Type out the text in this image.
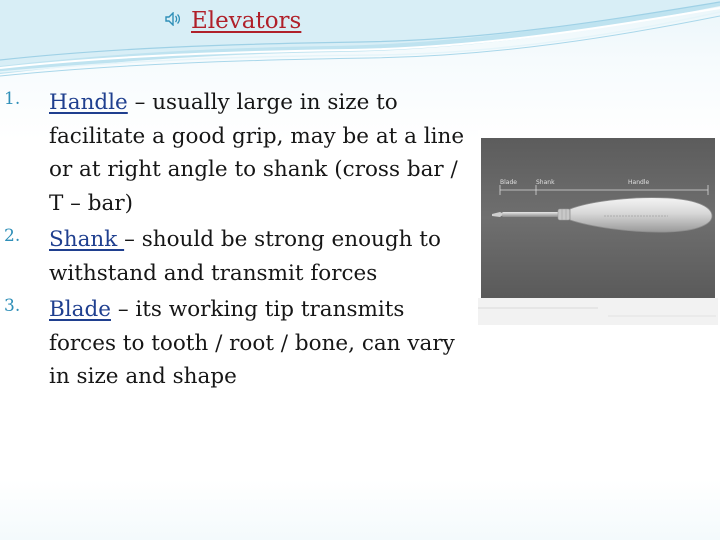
Elevators
1.	Handle – usually large in size to facilitate a good grip, may be at a line or at right angle to shank (cross bar / T – bar)
2.	Shank – should be strong enough to withstand and transmit forces
3.	Blade – its working tip transmits forces to tooth / root / bone, can vary in size and shape
Blade	Shank	Handle
